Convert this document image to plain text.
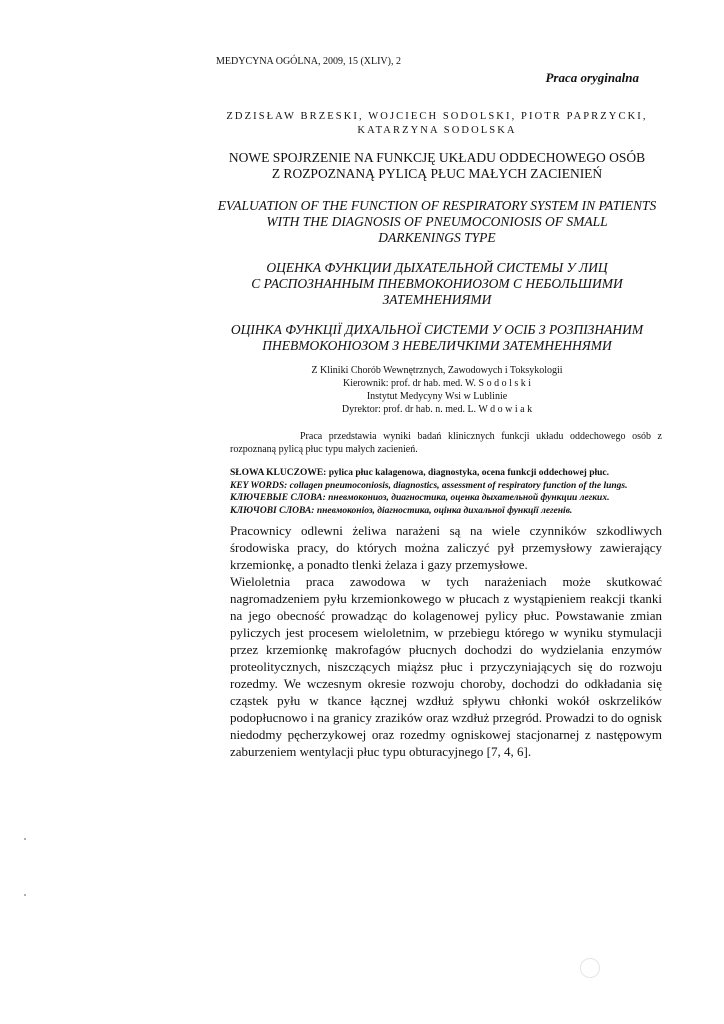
MEDYCYNA OGÓLNA, 2009, 15 (XLIV), 2
Praca oryginalna
ZDZISŁAW BRZESKI, WOJCIECH SODOLSKI, PIOTR PAPRZYCKI,
KATARZYNA SODOLSKA
NOWE SPOJRZENIE NA FUNKCJĘ UKŁADU ODDECHOWEGO OSÓB
Z ROZPOZNANĄ PYLICĄ PŁUC MAŁYCH ZACIENIEŃ
EVALUATION OF THE FUNCTION OF RESPIRATORY SYSTEM IN PATIENTS
WITH THE DIAGNOSIS OF PNEUMOCONIOSIS OF SMALL
DARKENINGS TYPE
ОЦЕНКА ФУНКЦИИ ДЫХАТЕЛЬНОЙ СИСТЕМЫ У ЛИЦ
С РАСПОЗНАННЫМ ПНЕВМОКОНИОЗОМ С НЕБОЛЬШИМИ
ЗАТЕМНЕНИЯМИ
ОЦІНКА ФУНКЦІЇ ДИХАЛЬНОЇ СИСТЕМИ У ОСІБ З РОЗПІЗНАНИМ
ПНЕВМОКОНІОЗОМ З НЕВЕЛИЧКІМИ ЗАТЕМНЕННЯМИ
Z Kliniki Chorób Wewnętrznych, Zawodowych i Toksykologii
Kierownik: prof. dr hab. med. W. S o d o l s k i
Instytut Medycyny Wsi w Lublinie
Dyrektor: prof. dr hab. n. med. L. W d o w i a k
Praca przedstawia wyniki badań klinicznych funkcji układu oddechowego osób z rozpoznaną pylicą płuc typu małych zacienień.
SŁOWA KLUCZOWE: pylica płuc kalagenowa, diagnostyka, ocena funkcji oddechowej płuc.
KEY WORDS: collagen pneumoconiosis, diagnostics, assessment of respiratory function of the lungs.
КЛЮЧЕВЫЕ СЛОВА: пневмокониоз, диагностика, оценка дыхательной функции легких.
КЛЮЧОВІ СЛОВА: пневмоконіоз, діагностика, оцінка дихальної функції легенів.

Pracownicy odlewni żeliwa narażeni są na wiele czynników szkodliwych środowiska pracy, do których można zaliczyć pył przemysłowy zawierający krzemionkę, a ponadto tlenki żelaza i gazy przemysłowe.

Wieloletnia praca zawodowa w tych narażeniach może skutkować nagromadzeniem pyłu krzemionkowego w płucach z wystąpieniem reakcji tkanki na jego obecność prowadząc do kolagenowej pylicy płuc. Powstawanie zmian pyliczych jest procesem wieloletnim, w przebiegu którego w wyniku stymulacji przez krzemionkę makrofagów płucnych dochodzi do wydzielania enzymów proteolitycznych, niszczących miąższ płuc i przyczyniających się do rozwoju rozedmy. We wczesnym okresie rozwoju choroby, dochodzi do odkładania się cząstek pyłu w tkance łącznej wzdłuż spływu chłonki wokół oskrzelików podopłucnowo i na granicy zrazików oraz wzdłuż przegród. Prowadzi to do ognisk niedodmy pęcherzykowej oraz rozedmy ogniskowej stacjonarnej z następowym zaburzeniem wentylacji płuc typu obturacyjnego [7, 4, 6].
